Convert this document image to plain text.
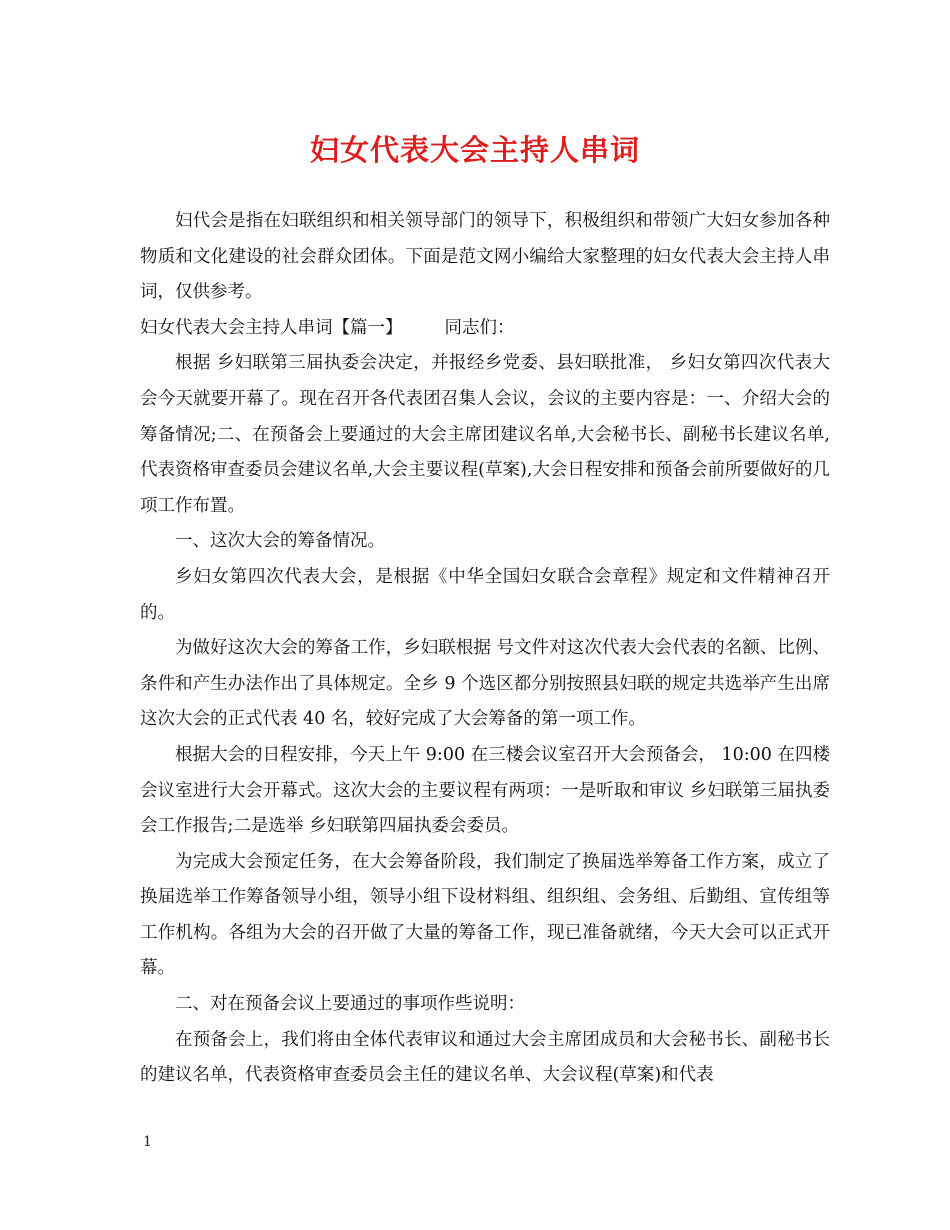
妇女代表大会主持人串词

妇代会是指在妇联组织和相关领导部门的领导下，积极组织和带领广大妇女参加各种物质和文化建设的社会群众团体。下面是范文网小编给大家整理的妇女代表大会主持人串词，仅供参考。

妇女代表大会主持人串词【篇一】 同志们：

根据 乡妇联第三届执委会决定，并报经乡党委、县妇联批准， 乡妇女第四次代表大会今天就要开幕了。现在召开各代表团召集人会议，会议的主要内容是：一、介绍大会的筹备情况;二、在预备会上要通过的大会主席团建议名单,大会秘书长、副秘书长建议名单,代表资格审查委员会建议名单,大会主要议程(草案),大会日程安排和预备会前所要做好的几项工作布置。

一、这次大会的筹备情况。

乡妇女第四次代表大会，是根据《中华全国妇女联合会章程》规定和文件精神召开的。

为做好这次大会的筹备工作，乡妇联根据 号文件对这次代表大会代表的名额、比例、条件和产生办法作出了具体规定。全乡 9 个选区都分别按照县妇联的规定共选举产生出席这次大会的正式代表 40 名，较好完成了大会筹备的第一项工作。

根据大会的日程安排，今天上午 9:00 在三楼会议室召开大会预备会， 10:00 在四楼会议室进行大会开幕式。这次大会的主要议程有两项：一是听取和审议 乡妇联第三届执委会工作报告;二是选举 乡妇联第四届执委会委员。

为完成大会预定任务，在大会筹备阶段，我们制定了换届选举筹备工作方案，成立了换届选举工作筹备领导小组，领导小组下设材料组、组织组、会务组、后勤组、宣传组等工作机构。各组为大会的召开做了大量的筹备工作，现已准备就绪，今天大会可以正式开幕。

二、对在预备会议上要通过的事项作些说明：

在预备会上，我们将由全体代表审议和通过大会主席团成员和大会秘书长、副秘书长的建议名单，代表资格审查委员会主任的建议名单、大会议程(草案)和代表

1
